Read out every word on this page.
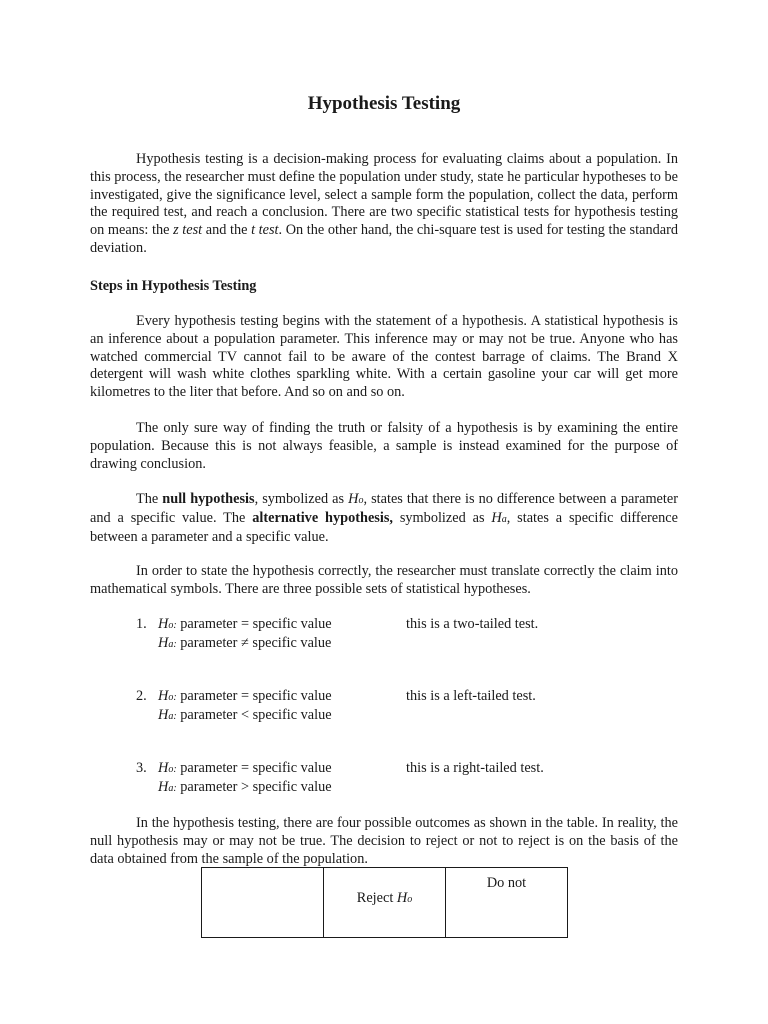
Hypothesis Testing

Hypothesis testing is a decision-making process for evaluating claims about a population. In this process, the researcher must define the population under study, state he particular hypotheses to be investigated, give the significance level, select a sample form the population, collect the data, perform the required test, and reach a conclusion. There are two specific statistical tests for hypothesis testing on means: the z test and the t test. On the other hand, the chi-square test is used for testing the standard deviation.

Steps in Hypothesis Testing

Every hypothesis testing begins with the statement of a hypothesis. A statistical hypothesis is an inference about a population parameter. This inference may or may not be true. Anyone who has watched commercial TV cannot fail to be aware of the contest barrage of claims. The Brand X detergent will wash white clothes sparkling white. With a certain gasoline your car will get more kilometres to the liter that before. And so on and so on.

The only sure way of finding the truth or falsity of a hypothesis is by examining the entire population. Because this is not always feasible, a sample is instead examined for the purpose of drawing conclusion.

The null hypothesis, symbolized as Ho, states that there is no difference between a parameter and a specific value. The alternative hypothesis, symbolized as Ha, states a specific difference between a parameter and a specific value.

In order to state the hypothesis correctly, the researcher must translate correctly the claim into mathematical symbols. There are three possible sets of statistical hypotheses.

1. Ho: parameter = specific value
Ha: parameter ≠ specific value
this is a two-tailed test.
2. Ho: parameter = specific value
Ha: parameter < specific value
this is a left-tailed test.
3. Ho: parameter = specific value
Ha: parameter > specific value
this is a right-tailed test.

In the hypothesis testing, there are four possible outcomes as shown in the table. In reality, the null hypothesis may or may not be true. The decision to reject or not to reject is on the basis of the data obtained from the sample of the population.

	Reject Ho	Do not
